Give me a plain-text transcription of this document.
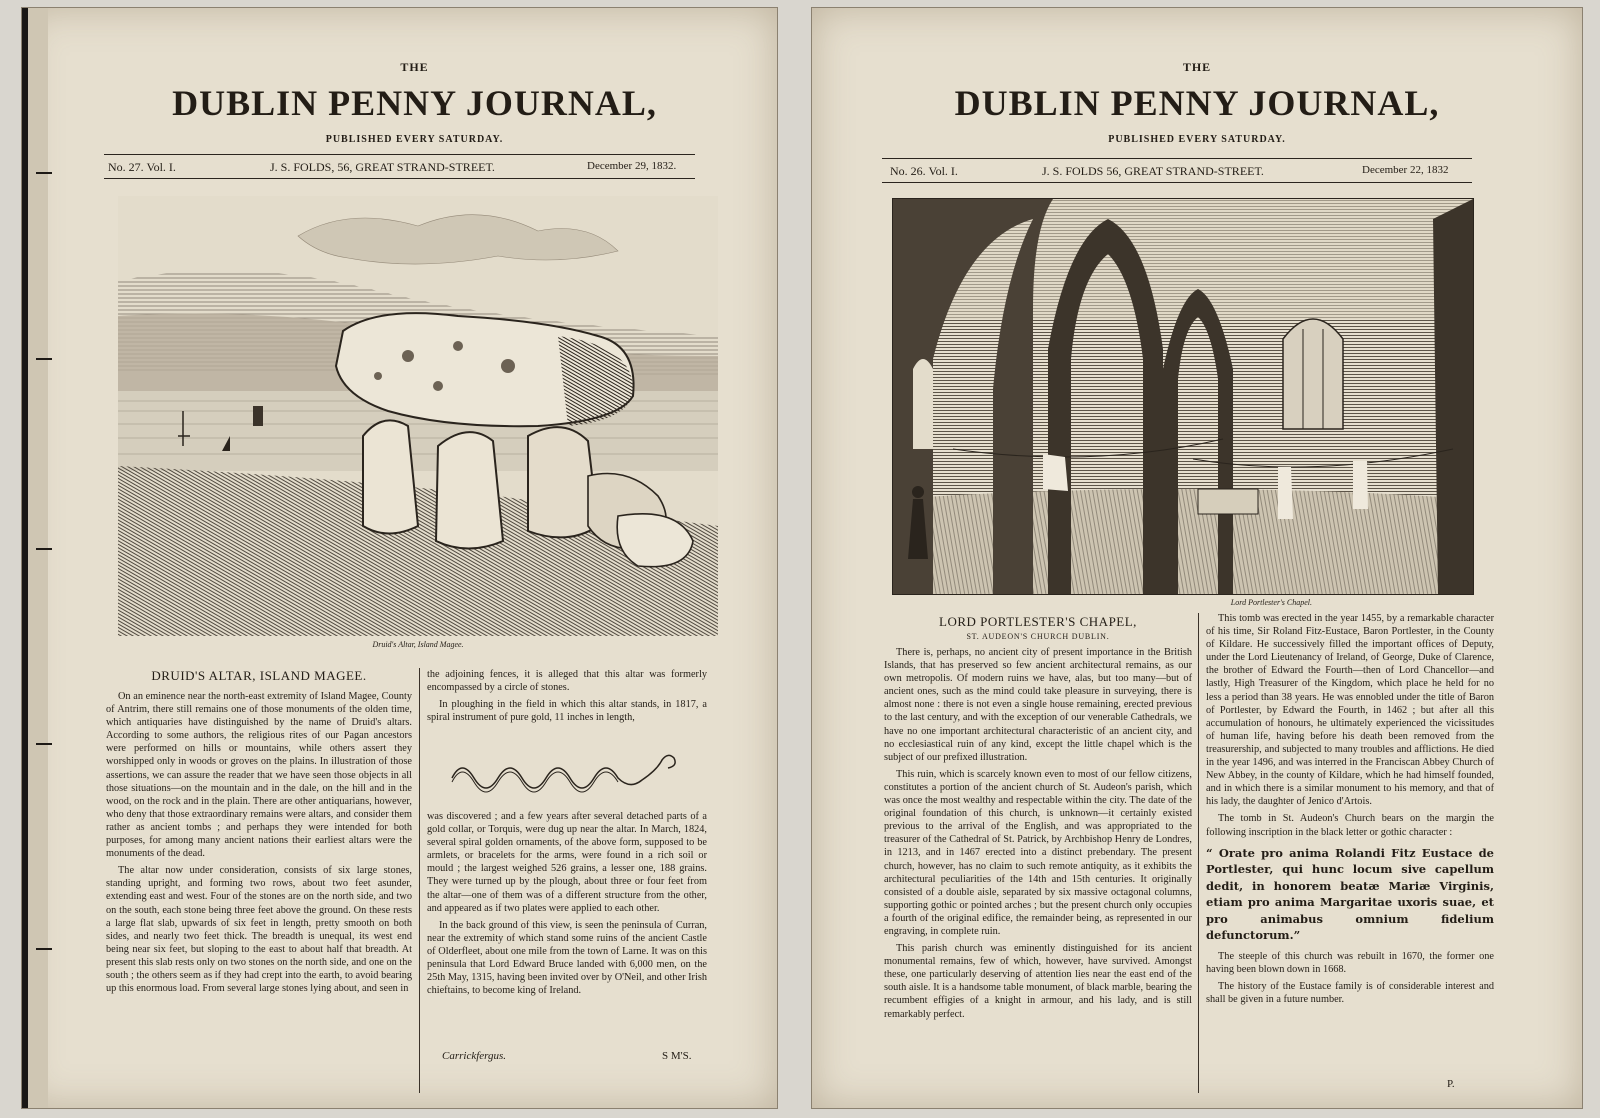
THE
DUBLIN PENNY JOURNAL,
PUBLISHED EVERY SATURDAY.
No. 27. Vol. I.	J. S. FOLDS, 56, GREAT STRAND-STREET.	December 29, 1832.
Druid's Altar, Island Magee.
DRUID'S ALTAR, ISLAND MAGEE.

On an eminence near the north-east extremity of Island Magee, County of Antrim, there still remains one of those monuments of the olden time, which antiquaries have distinguished by the name of Druid's altars. According to some authors, the religious rites of our Pagan ancestors were performed on hills or mountains, while others assert they worshipped only in woods or groves on the plains. In illustration of those assertions, we can assure the reader that we have seen those objects in all those situations—on the mountain and in the dale, on the hill and in the wood, on the rock and in the plain. There are other antiquarians, however, who deny that those extraordinary remains were altars, and consider them rather as ancient tombs ; and perhaps they were intended for both purposes, for among many ancient nations their earliest altars were the monuments of the dead.

The altar now under consideration, consists of six large stones, standing upright, and forming two rows, about two feet asunder, extending east and west. Four of the stones are on the north side, and two on the south, each stone being three feet above the ground. On these rests a large flat slab, upwards of six feet in length, pretty smooth on both sides, and nearly two feet thick. The breadth is unequal, its west end being near six feet, but sloping to the east to about half that breadth. At present this slab rests only on two stones on the north side, and one on the south ; the others seem as if they had crept into the earth, to avoid bearing up this enormous load. From several large stones lying about, and seen in

the adjoining fences, it is alleged that this altar was formerly encompassed by a circle of stones.

In ploughing in the field in which this altar stands, in 1817, a spiral instrument of pure gold, 11 inches in length,

was discovered ; and a few years after several detached parts of a gold collar, or Torquis, were dug up near the altar. In March, 1824, several spiral golden ornaments, of the above form, supposed to be armlets, or bracelets for the arms, were found in a rich soil or mould ; the largest weighed 526 grains, a lesser one, 188 grains. They were turned up by the plough, about three or four feet from the altar—one of them was of a different structure from the other, and appeared as if two plates were applied to each other.

In the back ground of this view, is seen the peninsula of Curran, near the extremity of which stand some ruins of the ancient Castle of Olderfleet, about one mile from the town of Larne. It was on this peninsula that Lord Edward Bruce landed with 6,000 men, on the 25th May, 1315, having been invited over by O'Neil, and other Irish chieftains, to become king of Ireland.

Carrickfergus.	S M'S.
THE
DUBLIN PENNY JOURNAL,
PUBLISHED EVERY SATURDAY.
No. 26. Vol. I.	J. S. FOLDS 56, GREAT STRAND-STREET.	December 22, 1832
Lord Portlester's Chapel.
LORD PORTLESTER'S CHAPEL,
ST. AUDEON'S CHURCH DUBLIN.

There is, perhaps, no ancient city of present importance in the British Islands, that has preserved so few ancient architectural remains, as our own metropolis. Of modern ruins we have, alas, but too many—but of ancient ones, such as the mind could take pleasure in surveying, there is almost none : there is not even a single house remaining, erected previous to the last century, and with the exception of our venerable Cathedrals, we have no one important architectural characteristic of an ancient city, and no ecclesiastical ruin of any kind, except the little chapel which is the subject of our prefixed illustration.

This ruin, which is scarcely known even to most of our fellow citizens, constitutes a portion of the ancient church of St. Audeon's parish, which was once the most wealthy and respectable within the city. The date of the original foundation of this church, is unknown—it certainly existed previous to the arrival of the English, and was appropriated to the treasurer of the Cathedral of St. Patrick, by Archbishop Henry de Londres, in 1213, and in 1467 erected into a distinct prebendary. The present church, however, has no claim to such remote antiquity, as it exhibits the architectural peculiarities of the 14th and 15th centuries. It originally consisted of a double aisle, separated by six massive octagonal columns, supporting gothic or pointed arches ; but the present church only occupies a fourth of the original edifice, the remainder being, as represented in our engraving, in complete ruin.

This parish church was eminently distinguished for its ancient monumental remains, few of which, however, have survived. Amongst these, one particularly deserving of attention lies near the east end of the south aisle. It is a handsome table monument, of black marble, bearing the recumbent effigies of a knight in armour, and his lady, and is still remarkably perfect.

This tomb was erected in the year 1455, by a remarkable character of his time, Sir Roland Fitz-Eustace, Baron Portlester, in the County of Kildare. He successively filled the important offices of Deputy, under the Lord Lieutenancy of Ireland, of George, Duke of Clarence, the brother of Edward the Fourth—then of Lord Chancellor—and lastly, High Treasurer of the Kingdom, which place he held for no less a period than 38 years. He was ennobled under the title of Baron of Portlester, by Edward the Fourth, in 1462 ; but after all this accumulation of honours, he ultimately experienced the vicissitudes of human life, having before his death been removed from the treasurership, and subjected to many troubles and afflictions. He died in the year 1496, and was interred in the Franciscan Abbey Church of New Abbey, in the county of Kildare, which he had himself founded, and in which there is a similar monument to his memory, and that of his lady, the daughter of Jenico d'Artois.

The tomb in St. Audeon's Church bears on the margin the following inscription in the black letter or gothic character :

“ Orate pro anima Rolandi Fitz Eustace de Portlester, qui hunc locum sive capellum dedit, in honorem beatæ Mariæ Virginis, etiam pro anima Margaritae uxoris suae, et pro animabus omnium fidelium defunctorum.”

The steeple of this church was rebuilt in 1670, the former one having been blown down in 1668.

The history of the Eustace family is of considerable interest and shall be given in a future number.

P.
